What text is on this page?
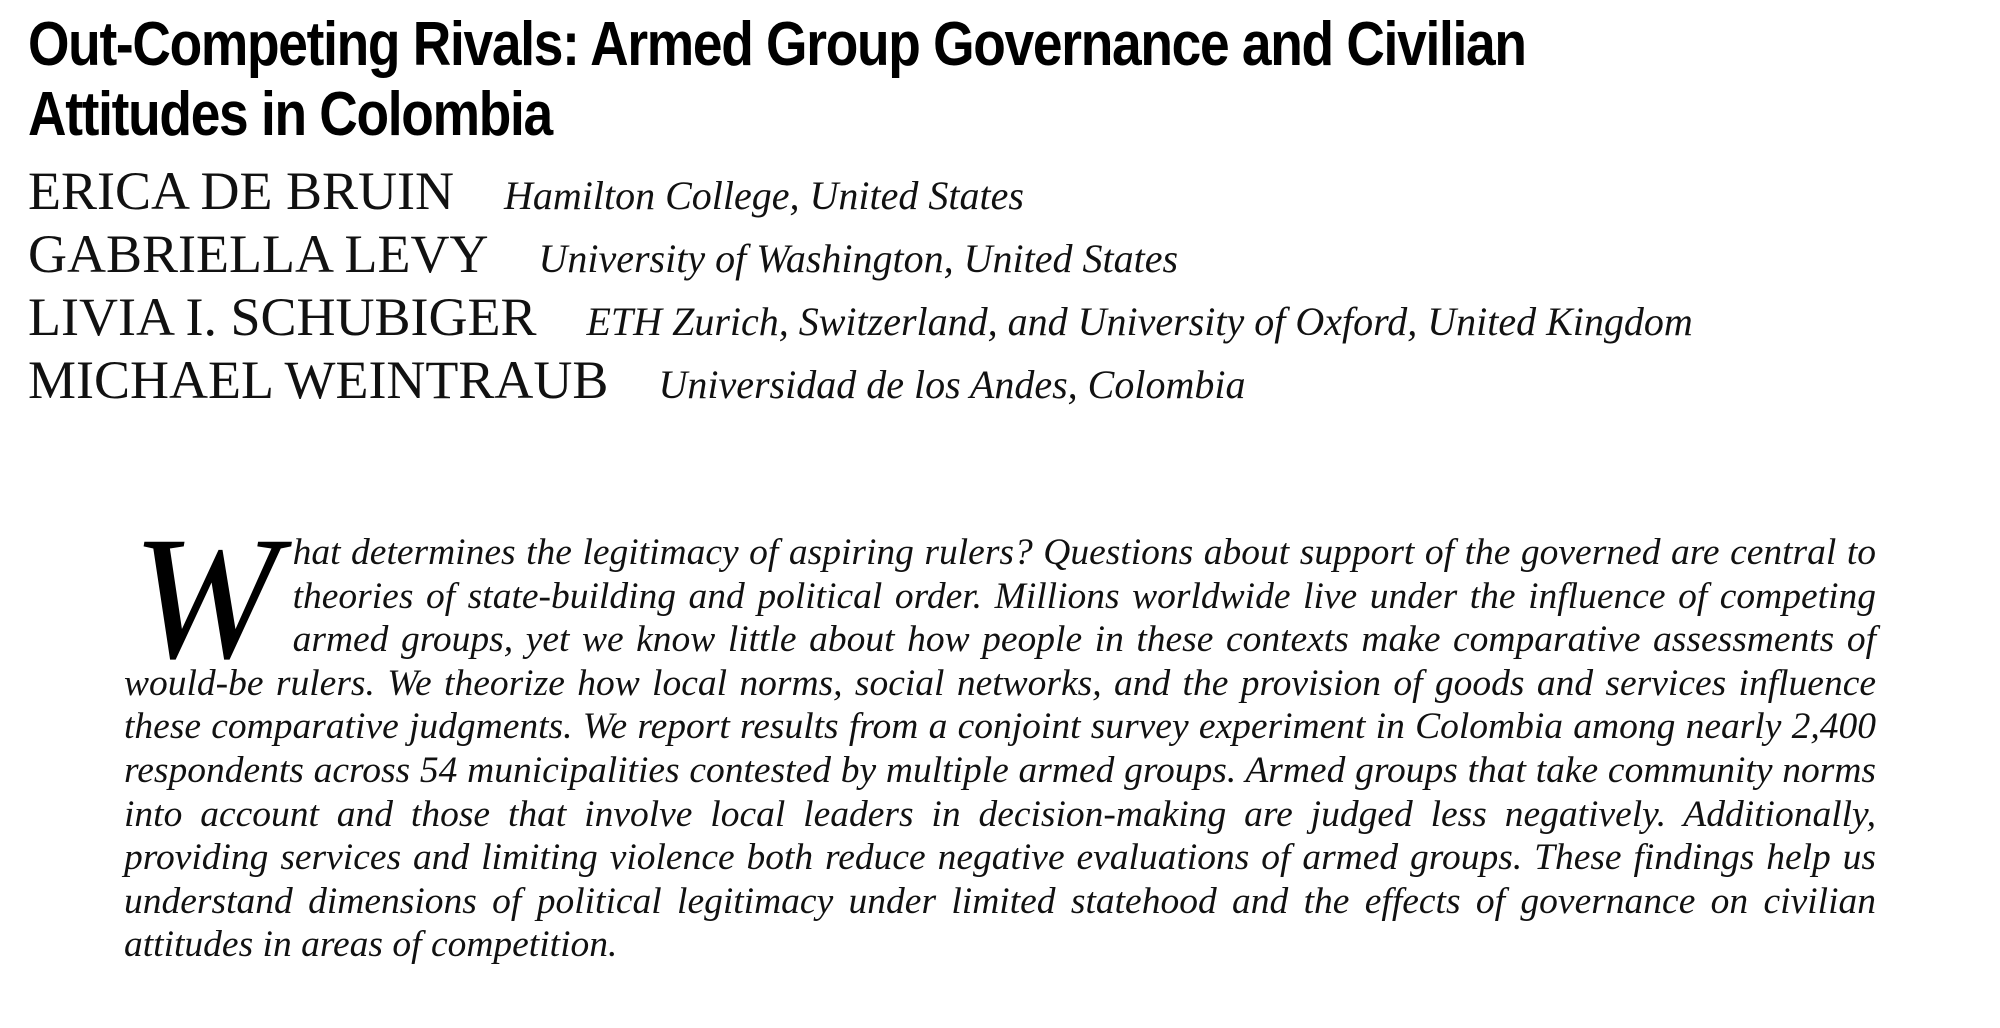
Out-Competing Rivals: Armed Group Governance and Civilian Attitudes in Colombia
ERICA DE BRUIN Hamilton College, United States
GABRIELLA LEVY University of Washington, United States
LIVIA I. SCHUBIGER ETH Zurich, Switzerland, and University of Oxford, United Kingdom
MICHAEL WEINTRAUB Universidad de los Andes, Colombia

What determines the legitimacy of aspiring rulers? Questions about support of the governed are central to theories of state-building and political order. Millions worldwide live under the influence of competing armed groups, yet we know little about how people in these contexts make comparative assessments of would-be rulers. We theorize how local norms, social networks, and the provision of goods and services influence these comparative judgments. We report results from a conjoint survey experiment in Colombia among nearly 2,400 respondents across 54 municipalities contested by multiple armed groups. Armed groups that take community norms into account and those that involve local leaders in decision-making are judged less negatively. Additionally, providing services and limiting violence both reduce negative evaluations of armed groups. These findings help us understand dimensions of political legitimacy under limited statehood and the effects of governance on civilian attitudes in areas of competition.
